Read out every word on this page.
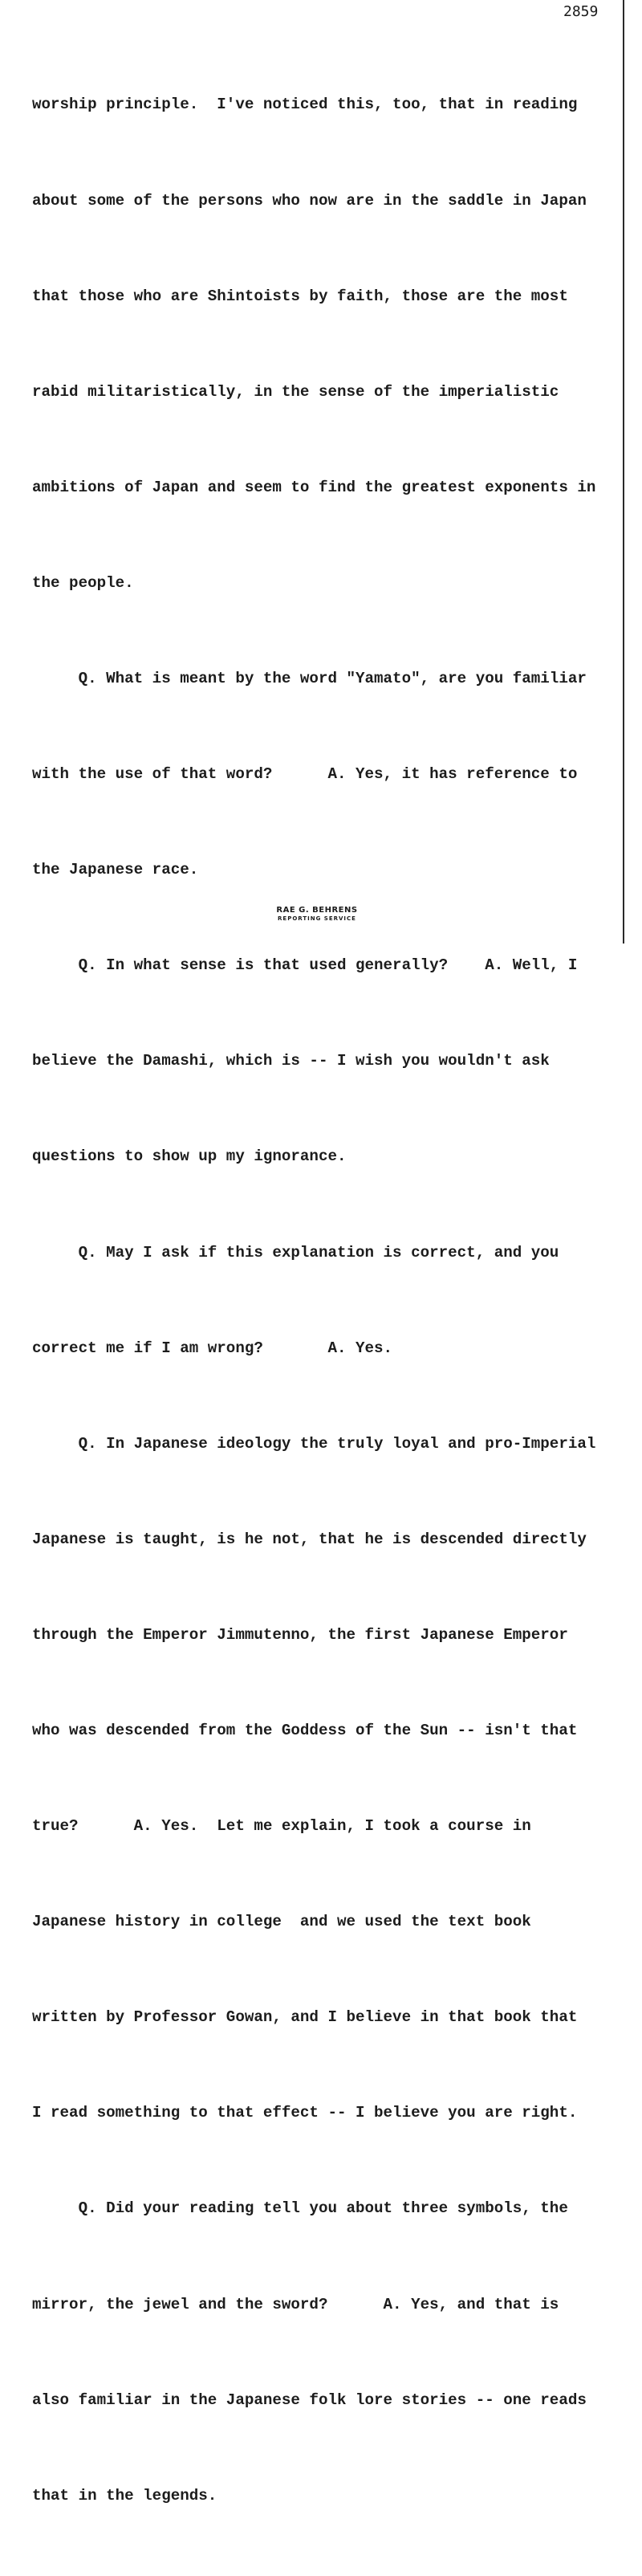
2859

worship principle.  I've noticed this, too, that in reading

about some of the persons who now are in the saddle in Japan

that those who are Shintoists by faith, those are the most

rabid militaristically, in the sense of the imperialistic

ambitions of Japan and seem to find the greatest exponents in

the people.

Q. What is meant by the word "Yamato", are you familiar

with the use of that word?      A. Yes, it has reference to

the Japanese race.

Q. In what sense is that used generally?    A. Well, I

believe the Damashi, which is -- I wish you wouldn't ask

questions to show up my ignorance.

Q. May I ask if this explanation is correct, and you

correct me if I am wrong?       A. Yes.

Q. In Japanese ideology the truly loyal and pro-Imperial

Japanese is taught, is he not, that he is descended directly

through the Emperor Jimmutenno, the first Japanese Emperor

who was descended from the Goddess of the Sun -- isn't that

true?      A. Yes.  Let me explain, I took a course in

Japanese history in college  and we used the text book

written by Professor Gowan, and I believe in that book that

I read something to that effect -- I believe you are right.

Q. Did your reading tell you about three symbols, the

mirror, the jewel and the sword?      A. Yes, and that is

also familiar in the Japanese folk lore stories -- one reads

that in the legends.

RAE G. BEHRENS
REPORTING SERVICE
